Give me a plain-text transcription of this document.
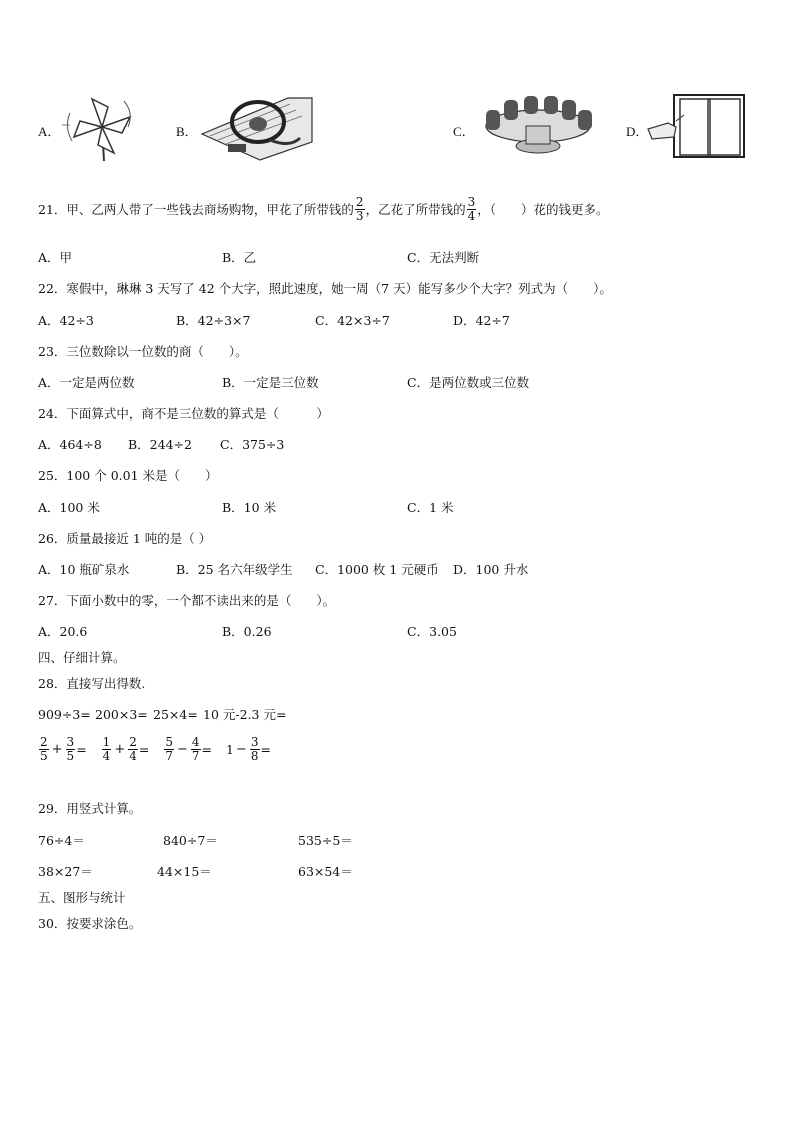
A．	B．	C．	D．
21．甲、乙两人带了一些钱去商场购物，甲花了所带钱的 $\frac{2}{3}$ ，乙花了所带钱的 $\frac{3}{4}$ ，（　　）花的钱更多。
A．甲	B．乙	C．无法判断
22．寒假中，琳琳 3 天写了 42 个大字，照此速度，她一周（7 天）能写多少个大字？列式为（　　）。
A．42÷3	B．42÷3×7	C．42×3÷7	D．42÷7
23．三位数除以一位数的商（　　）。
A．一定是两位数	B．一定是三位数	C．是两位数或三位数
24．下面算式中，商不是三位数的算式是（　　　）
A．464÷8 B．244÷2 C．375÷3
25．100 个 0.01 米是（　　）
A．100 米	B．10 米	C．1 米
26．质量最接近 1 吨的是（ ）
A．10 瓶矿泉水	B．25 名六年级学生 C．1000 枚 1 元硬币 D．100 升水
27．下面小数中的零，一个都不读出来的是（　　）。
A．20.6	B．0.26	C．3.05
四、仔细计算。
28．直接写出得数.
909÷3= 200×3= 25×4= 10 元-2.3 元=
$\frac{2}{5} + \frac{3}{5} = \frac{1}{4} + \frac{2}{4} = \frac{5}{7} - \frac{4}{7} = 1 - \frac{3}{8}$ =
29．用竖式计算。
76÷4＝	840÷7＝	535÷5＝
38×27＝	44×15＝	63×54＝
五、图形与统计
30．按要求涂色。
